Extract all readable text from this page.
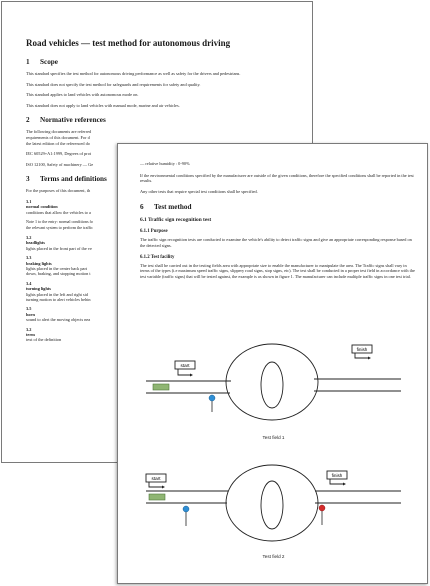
Road vehicles — test method for autonomous driving
1 Scope
This standard specifies the test method for autonomous driving performance as well as safety for the drivers and pedestrians.
This standard does not specify the test method for safeguards and requirements for safety and quality.
This standard applies to land vehicles with autonomous mode on.
This standard does not apply to land vehicles with manual mode, marine and air vehicles.
2 Normative references
The following documents are referred
requirements of this document. For d
the latest edition of the referenced do
IEC 60529+A1:1999, Degrees of prot
ISO 12100, Safety of machinery — Ge
3 Terms and definitions
For the purposes of this document, th
3.1
normal condition
conditions that allow the vehicles to a
Note 1 to the entry: normal conditions fo
the relevant system to perform the traffic
3.2
headlights
lights placed in the front part of the ve
3.3
braking lights
lights placed in the center back part
down, braking, and stopping motion t
3.4
turning lights
lights placed in the left and right sid
turning motion to alert vehicles behin
3.5
horn
sound to alert the moving objects nea
3.2
term
text of the definition
— relative humidity : 0-90%
If the environmental conditions specified by the manufacturer are outside of the given conditions, therefore the specified conditions shall be reported in the test results.
Any other tests that require special test conditions shall be specified.
6 Test method
6.1 Traffic sign recognition test
6.1.1 Purpose
The traffic sign recognition tests are conducted to examine the vehicle's ability to detect traffic signs and give an appropriate corresponding response based on the detected signs.
6.1.2 Test facility
The test shall be carried out in the testing fields area with appropriate size to enable the manufacturer to manipulate the area. The Traffic signs shall vary in terms of the types (i.e maximum speed traffic signs, slippery road signs, stop signs, etc). The test shall be conducted in a proper test field in accordance with the test variable (traffic signs) that will be tested against, the example is as shown in figure 1. The manufacturer can include multiple traffic signs in one test trial.
start
finish
Test field 1
start
finish
Test field 2
